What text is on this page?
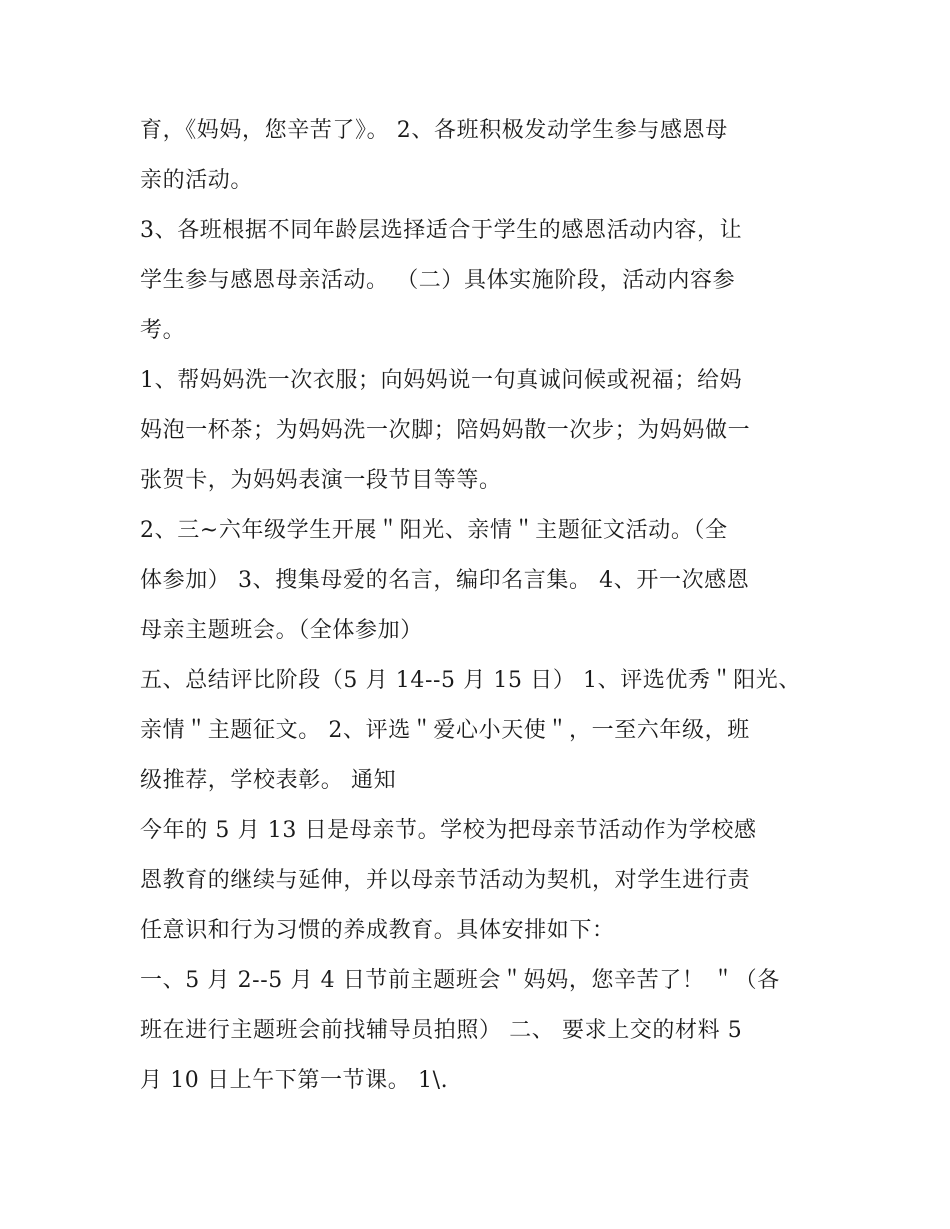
育，《妈妈，您辛苦了》。 2、各班积极发动学生参与感恩母
亲的活动。
3、各班根据不同年龄层选择适合于学生的感恩活动内容，让
学生参与感恩母亲活动。 （二）具体实施阶段，活动内容参
考。
1、帮妈妈洗一次衣服；向妈妈说一句真诚问候或祝福；给妈
妈泡一杯茶；为妈妈洗一次脚；陪妈妈散一次步；为妈妈做一
张贺卡，为妈妈表演一段节目等等。
2、三~六年级学生开展＂阳光、亲情＂主题征文活动。（全
体参加） 3、搜集母爱的名言，编印名言集。 4、开一次感恩
母亲主题班会。（全体参加）
五、总结评比阶段（5 月 14--5 月 15 日） 1、评选优秀＂阳光、
亲情＂主题征文。 2、评选＂爱心小天使＂，一至六年级，班
级推荐，学校表彰。 通知
今年的 5 月 13 日是母亲节。学校为把母亲节活动作为学校感
恩教育的继续与延伸，并以母亲节活动为契机，对学生进行责
任意识和行为习惯的养成教育。具体安排如下：
一、5 月 2--5 月 4 日节前主题班会＂妈妈，您辛苦了！ ＂（各
班在进行主题班会前找辅导员拍照） 二、 要求上交的材料 5
月 10 日上午下第一节课。 1\.
